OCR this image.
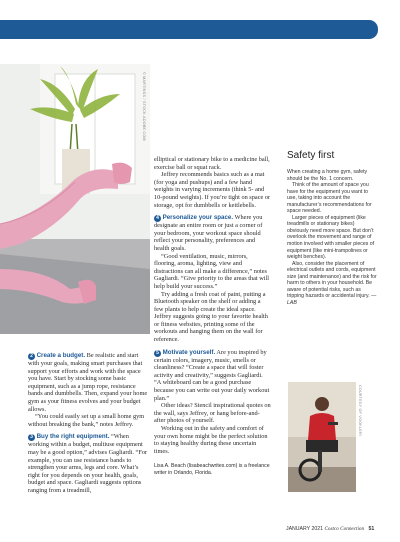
© MARTINSS / STOCK.ADOBE.COM

2 Create a budget. Be realistic and start with your goals, making smart purchases that support your efforts and work with the space you have. Start by stocking some basic equipment, such as a jump rope, resistance bands and dumbbells. Then, expand your home gym as your fitness evolves and your budget allows.

“You could easily set up a small home gym without breaking the bank,” notes Jeffrey.

3 Buy the right equipment. “When working within a budget, multiuse equipment may be a good option,” advises Gagliardi. “For example, you can use resistance bands to strengthen your arms, legs and core. What’s right for you depends on your health, goals, budget and space. Gagliardi suggests options ranging from a treadmill,

elliptical or stationary bike to a medicine ball, exercise ball or squat rack.

Jeffrey recommends basics such as a mat (for yoga and pushups) and a few hand weights in varying increments (think 5- and 10-pound weights). If you’re tight on space or storage, opt for dumbbells or kettlebells.

4 Personalize your space. Where you designate an entire room or just a corner of your bedroom, your workout space should reflect your personality, preferences and health goals.

“Good ventilation, music, mirrors, flooring, aroma, lighting, view and distractions can all make a difference,” notes Gagliardi. “Give priority to the areas that will help build your success.”

Try adding a fresh coat of paint, putting a Bluetooth speaker on the shelf or adding a few plants to help create the ideal space. Jeffrey suggests going to your favorite health or fitness websites, printing some of the workouts and hanging them on the wall for reference.

5 Motivate yourself. Are you inspired by certain colors, imagery, music, smells or cleanliness? “Create a space that will foster activity and creativity,” suggests Gagliardi. “A whiteboard can be a good purchase because you can write out your daily workout plan.”

Other ideas? Stencil inspirational quotes on the wall, says Jeffrey, or hang before-and-after photos of yourself.

Working out in the safety and comfort of your own home might be the perfect solution to staying healthy during these uncertain times.

Lisa A. Beach (lisabeachwrites.com) is a freelance writer in Orlando, Florida.
Safety first

When creating a home gym, safety should be the No. 1 concern.

Think of the amount of space you have for the equipment you want to use, taking into account the manufacturer’s recommendations for space needed.

Larger pieces of equipment (like treadmills or stationary bikes) obviously need more space. But don’t overlook the movement and range of motion involved with smaller pieces of equipment (like mini-trampolines or weight benches).

Also, consider the placement of electrical outlets and cords, equipment size (and maintenance) and the risk for harm to others in your household. Be aware of potential risks, such as tripping hazards or accidental injury. —LAB

COURTESY OF VOOKLERI
JANUARY 2021 Costco Connection 51
